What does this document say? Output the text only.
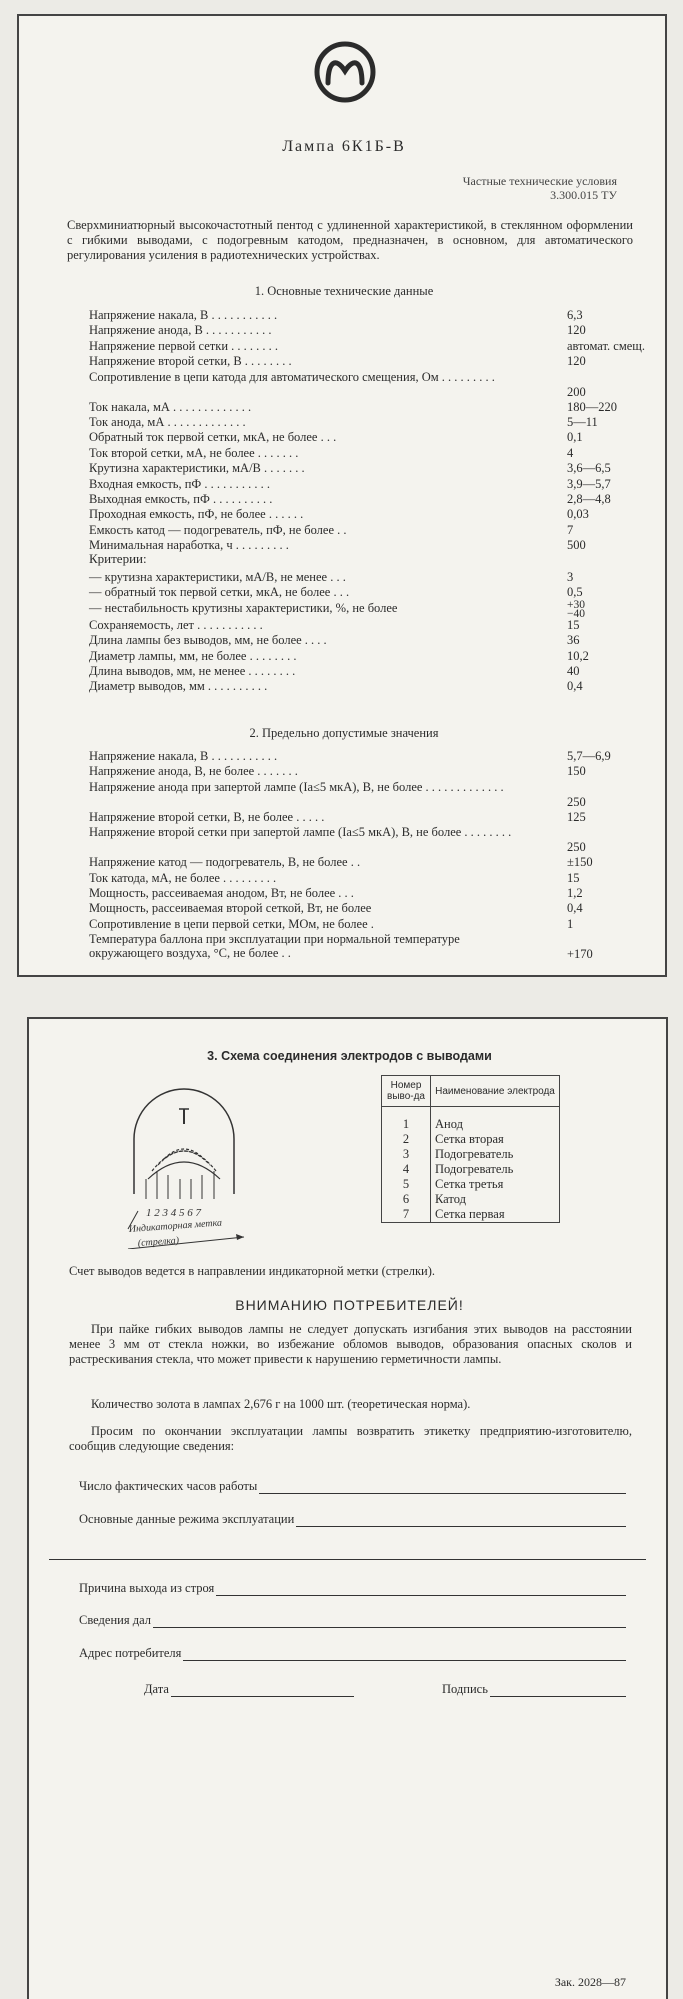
Лампа 6К1Б-В
Частные технические условия
3.300.015 ТУ
Сверхминиатюрный высокочастотный пентод с удлиненной характеристикой, в стеклянном оформлении с гибкими выводами, с подогревным катодом, предназначен, в основном, для автоматического регулирования усиления в радиотехнических устройствах.
1. Основные технические данные
Напряжение накала, В . . . . . . . . . . .	6,3
Напряжение анода, В . . . . . . . . . . .	120
Напряжение первой сетки . . . . . . . .	автомат. смещ.
Напряжение второй сетки, В . . . . . . . .	120
Сопротивление в цепи катода для автоматического смещения, Ом . . . . . . . . .
200
Ток накала, мА . . . . . . . . . . . . .	180—220
Ток анода, мА . . . . . . . . . . . . .	5—11
Обратный ток первой сетки, мкА, не более . . .	0,1
Ток второй сетки, мА, не более . . . . . . .	4
Крутизна характеристики, мА/В . . . . . . .	3,6—6,5
Входная емкость, пФ . . . . . . . . . . .	3,9—5,7
Выходная емкость, пФ . . . . . . . . . .	2,8—4,8
Проходная емкость, пФ, не более . . . . . .	0,03
Емкость катод — подогреватель, пФ, не более . .	7
Минимальная наработка, ч . . . . . . . . .	500
Критерии:
— крутизна характеристики, мА/В, не менее . . .	3
— обратный ток первой сетки, мкА, не более . . .	0,5
— нестабильность крутизны характеристики, %, не более	+30
−40
Сохраняемость, лет . . . . . . . . . . .	15
Длина лампы без выводов, мм, не более . . . .	36
Диаметр лампы, мм, не более . . . . . . . .	10,2
Длина выводов, мм, не менее . . . . . . . .	40
Диаметр выводов, мм . . . . . . . . . .	0,4
2. Предельно допустимые значения
Напряжение накала, В . . . . . . . . . . .	5,7—6,9
Напряжение анода, В, не более . . . . . . .	150
Напряжение анода при запертой лампе (Iа≤5 мкА), В, не более . . . . . . . . . . . . .
250
Напряжение второй сетки, В, не более . . . . .	125
Напряжение второй сетки при запертой лампе (Iа≤5 мкА), В, не более . . . . . . . .
250
Напряжение катод — подогреватель, В, не более . .	±150
Ток катода, мА, не более . . . . . . . . .	15
Мощность, рассеиваемая анодом, Вт, не более . . .	1,2
Мощность, рассеиваемая второй сеткой, Вт, не более	0,4
Сопротивление в цепи первой сетки, МОм, не более .	1
Температура баллона при эксплуатации при нормальной температуре окружающего воздуха, °С, не более . .	+170
3. Схема соединения электродов с выводами
1 2 3 4 5 6 7
Индикаторная метка
(стрелка)
Номер выво-да	Наименование электрода

1	Анод
2	Сетка вторая
3	Подогреватель
4	Подогреватель
5	Сетка третья
6	Катод
7	Сетка первая
Счет выводов ведется в направлении индикаторной метки (стрелки).
ВНИМАНИЮ ПОТРЕБИТЕЛЕЙ!
При пайке гибких выводов лампы не следует допускать изгибания этих выводов на расстоянии менее 3 мм от стекла ножки, во избежание обломов выводов, образования опасных сколов и растрескивания стекла, что может привести к нарушению герметичности лампы.
Количество золота в лампах 2,676 г на 1000 шт. (теоретическая норма).
Просим по окончании эксплуатации лампы возвратить этикетку предприятию-изготовителю, сообщив следующие сведения:
Число фактических часов работы
Основные данные режима эксплуатации
Причина выхода из строя
Сведения дал
Адрес потребителя
Дата	Подпись
Зак. 2028—87
